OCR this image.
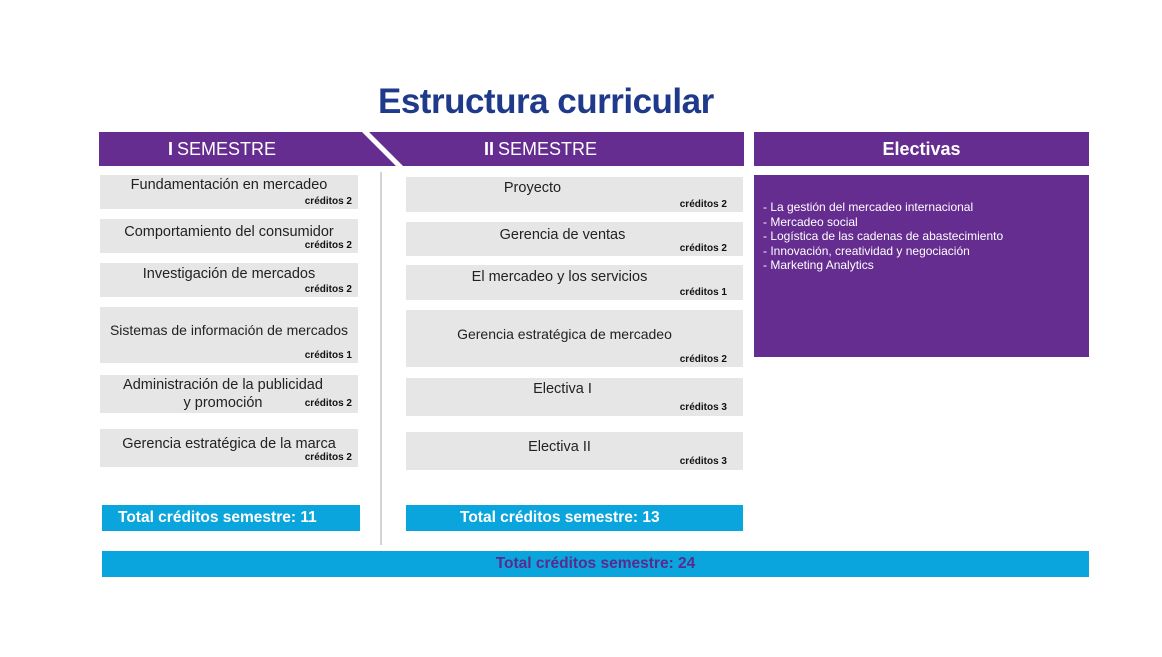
Estructura curricular
I SEMESTRE	II SEMESTRE	Electivas
Fundamentación en mercadeo
créditos 2
Comportamiento del consumidor
créditos 2
Investigación de mercados
créditos 2
Sistemas de información de mercados
créditos 1
Administración de la publicidad
y promoción	créditos 2
Gerencia estratégica de la marca
créditos 2
Proyecto
créditos 2
Gerencia de ventas
créditos 2
El mercadeo y los servicios
créditos 1
Gerencia estratégica de mercadeo
créditos 2
Electiva I
créditos 3
Electiva II
créditos 3
- La gestión del mercadeo internacional
- Mercadeo social
- Logística de las cadenas de abastecimiento
- Innovación, creatividad y negociación
- Marketing Analytics
Total créditos semestre: 11	Total créditos semestre: 13
Total créditos semestre: 24
